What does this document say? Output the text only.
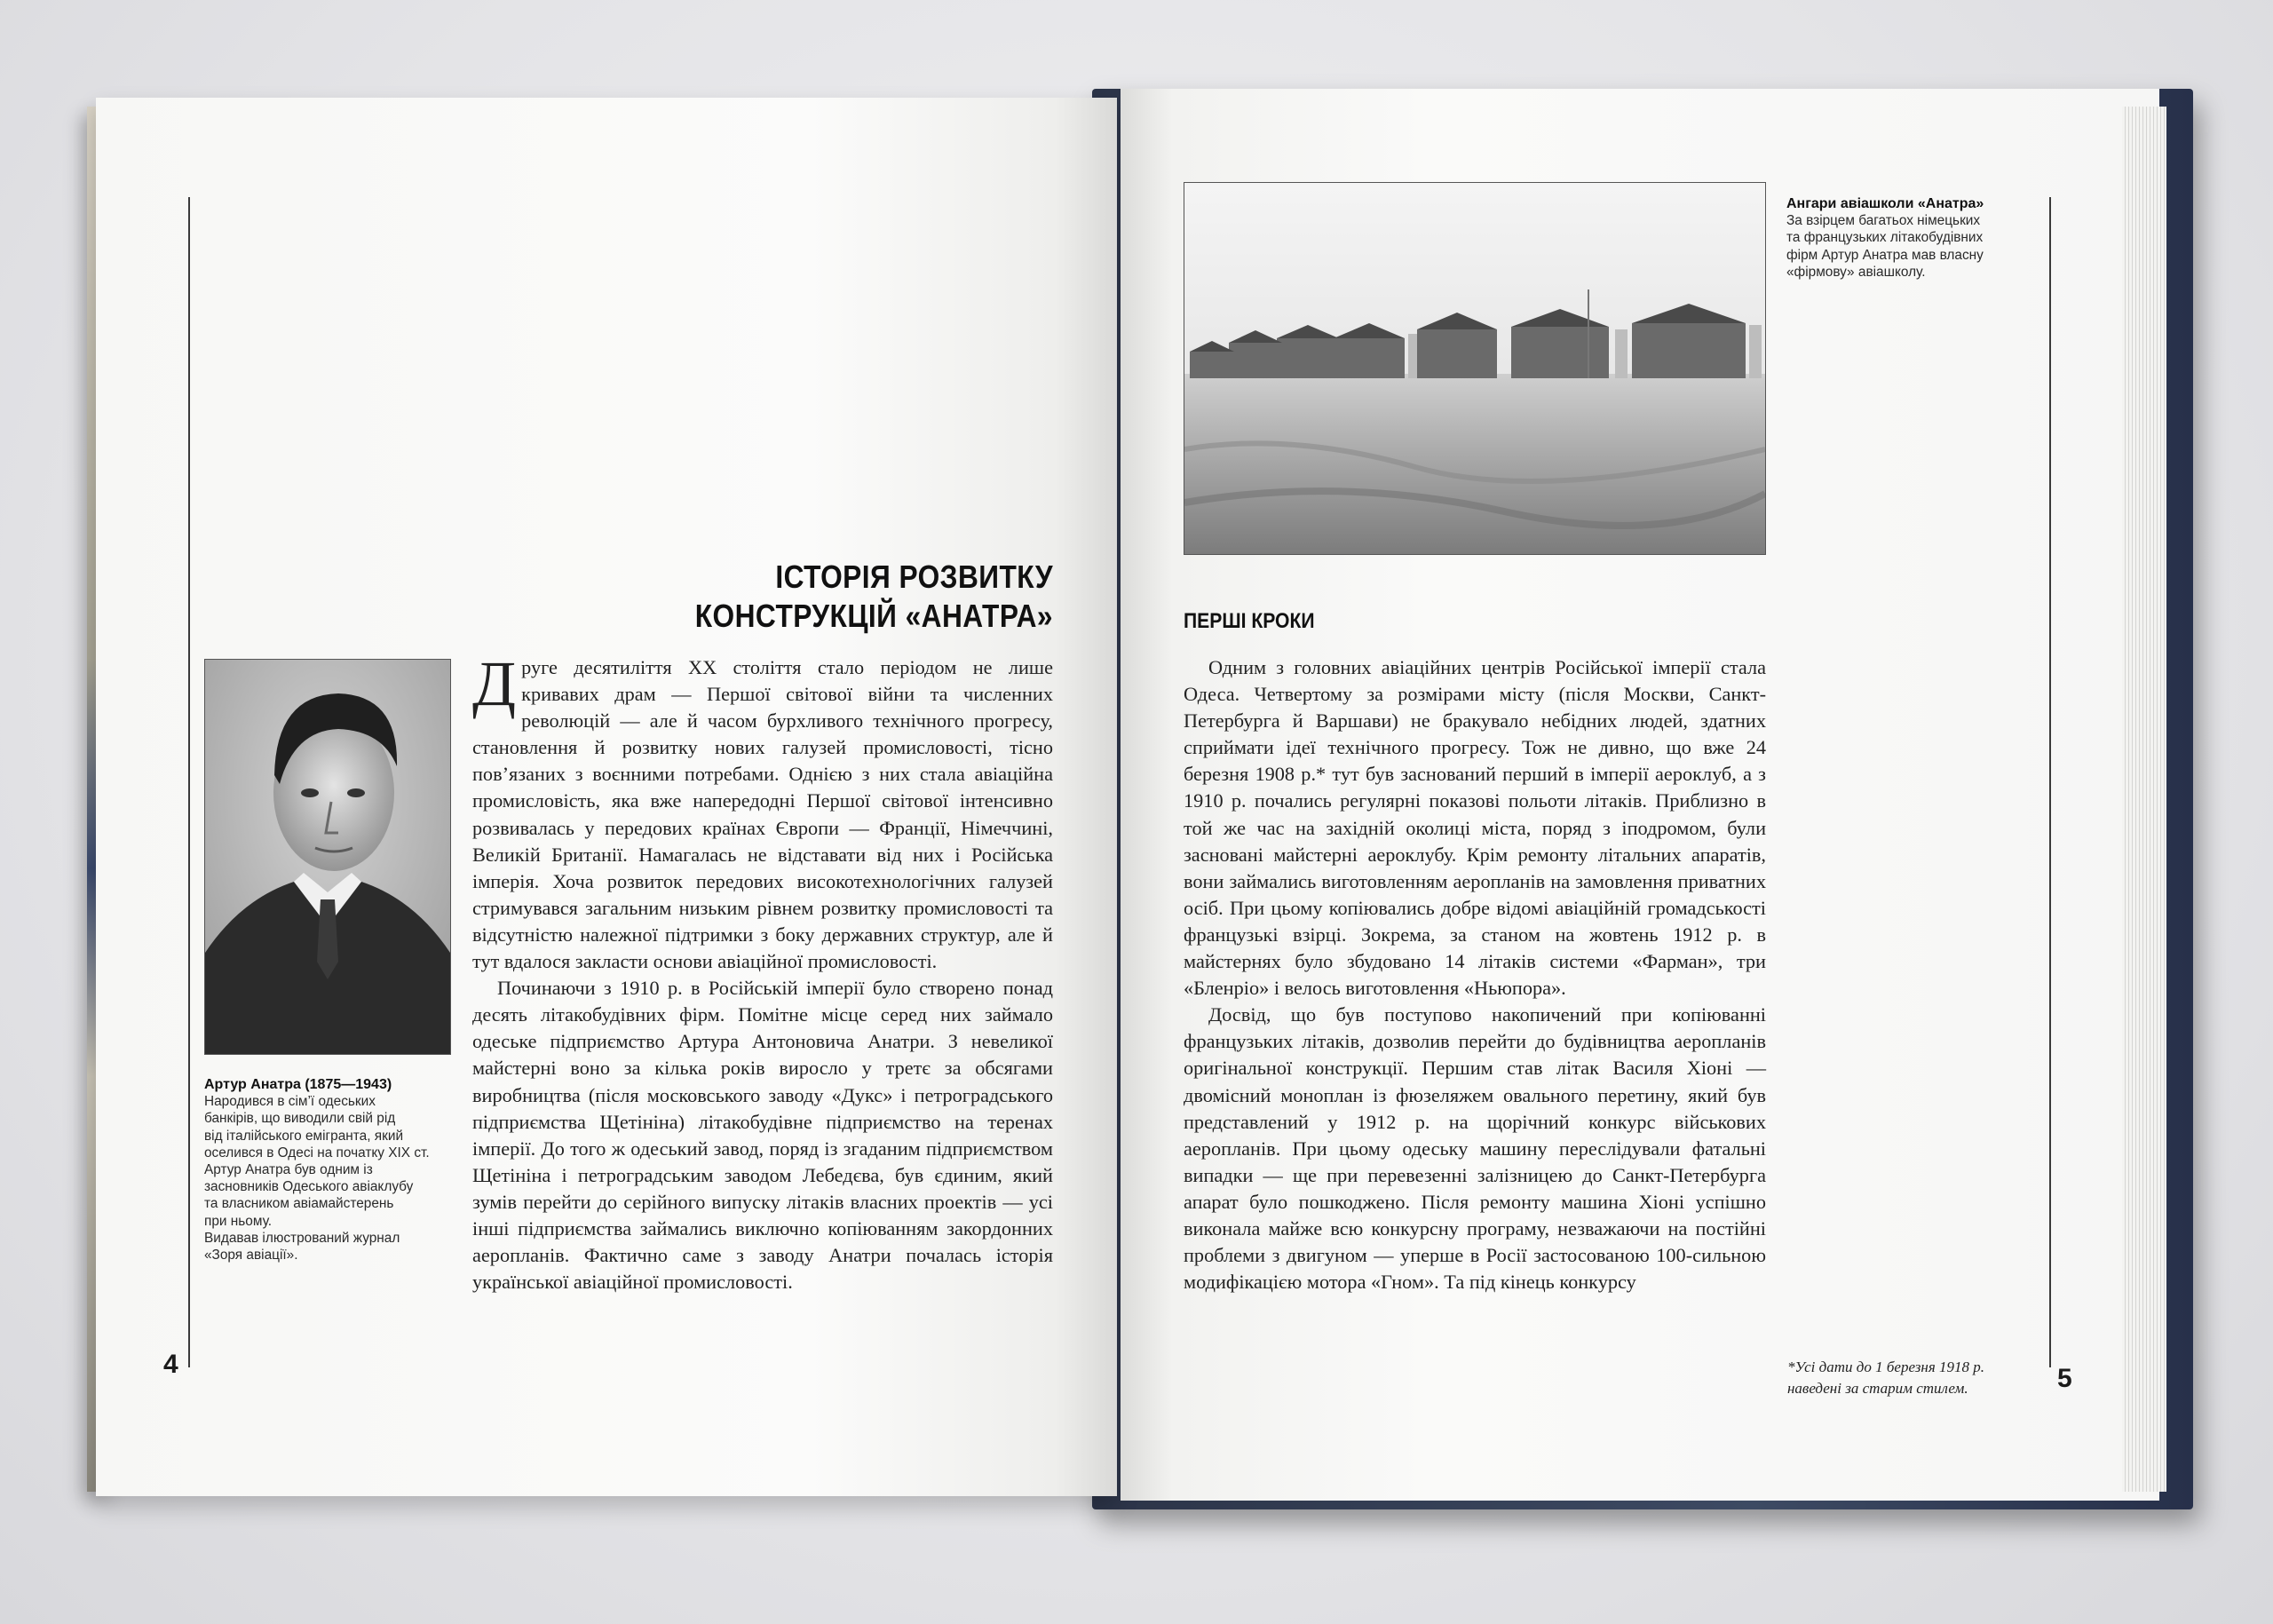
4
ІСТОРІЯ РОЗВИТКУ
КОНСТРУКЦІЙ «АНАТРА»
Артур Анатра (1875—1943)
Народився в сім’ї одеських
банкірів, що виводили свій рід
від італійського емігранта, який
оселився в Одесі на початку XIX ст.
Артур Анатра був одним із
засновників Одеського авіаклубу
та власником авіамайстерень
при ньому.
Видавав ілюстрований журнал
«Зоря авіації».

Друге десятиліття XX століття стало періодом не лише кривавих драм — Першої світової війни та численних революцій — але й часом бурхливого технічного прогресу, становлення й розвитку нових галузей промисловості, тісно пов’язаних з воєнними потребами. Однією з них стала авіаційна промисловість, яка вже напередодні Першої світової інтенсивно розвивалась у передових країнах Європи — Франції, Німеччині, Великій Британії. Намагалась не відставати від них і Російська імперія. Хоча розвиток передових високотехнологічних галузей стримувався загальним низьким рівнем розвитку промисловості та відсутністю належної підтримки з боку державних структур, але й тут вдалося закласти основи авіаційної промисловості.

Починаючи з 1910 р. в Російській імперії було створено понад десять літакобудівних фірм. Помітне місце серед них займало одеське підприємство Артура Антоновича Анатри. З невеликої майстерні воно за кілька років виросло у третє за обсягами виробництва (після московського заводу «Дукс» і петроградського підприємства Щетініна) літакобудівне підприємство на теренах імперії. До того ж одеський завод, поряд із згаданим підприємством Щетініна і петроградським заводом Лебедєва, був єдиним, який зумів перейти до серійного випуску літаків власних проектів — усі інші підприємства займались виключно копіюванням закордонних аеропланів. Фактично саме з заводу Анатри почалась історія української авіаційної промисловості.

5
Ангари авіашколи «Анатра»
За взірцем багатьох німецьких
та французьких літакобудівних
фірм Артур Анатра мав власну
«фірмову» авіашколу.
ПЕРШІ КРОКИ

Одним з головних авіаційних центрів Російської імперії стала Одеса. Четвертому за розмірами місту (після Москви, Санкт-Петербурга й Варшави) не бракувало небідних людей, здатних сприймати ідеї технічного прогресу. Тож не дивно, що вже 24 березня 1908 р.* тут був заснований перший в імперії аероклуб, а з 1910 р. почались регулярні показові польоти літаків. Приблизно в той же час на західній околиці міста, поряд з іподромом, були засновані майстерні аероклубу. Крім ремонту літальних апаратів, вони займались виготовленням аеропланів на замовлення приватних осіб. При цьому копіювались добре відомі авіаційній громадськості французькі взірці. Зокрема, за станом на жовтень 1912 р. в майстернях було збудовано 14 літаків системи «Фарман», три «Бленріо» і велось виготовлення «Ньюпора».

Досвід, що був поступово накопичений при копіюванні французьких літаків, дозволив перейти до будівництва аеропланів оригінальної конструкції. Першим став літак Василя Хіоні — двомісний моноплан із фюзеляжем овального перетину, який був представлений у 1912 р. на щорічний конкурс військових аеропланів. При цьому одеську машину переслідували фатальні випадки — ще при перевезенні залізницею до Санкт-Петербурга апарат було пошкоджено. Після ремонту машина Хіоні успішно виконала майже всю конкурсну програму, незважаючи на постійні проблеми з двигуном — уперше в Росії застосованою 100-сильною модифікацією мотора «Гном». Та під кінець конкурсу

*Усі дати до 1 березня 1918 р.
наведені за старим стилем.
